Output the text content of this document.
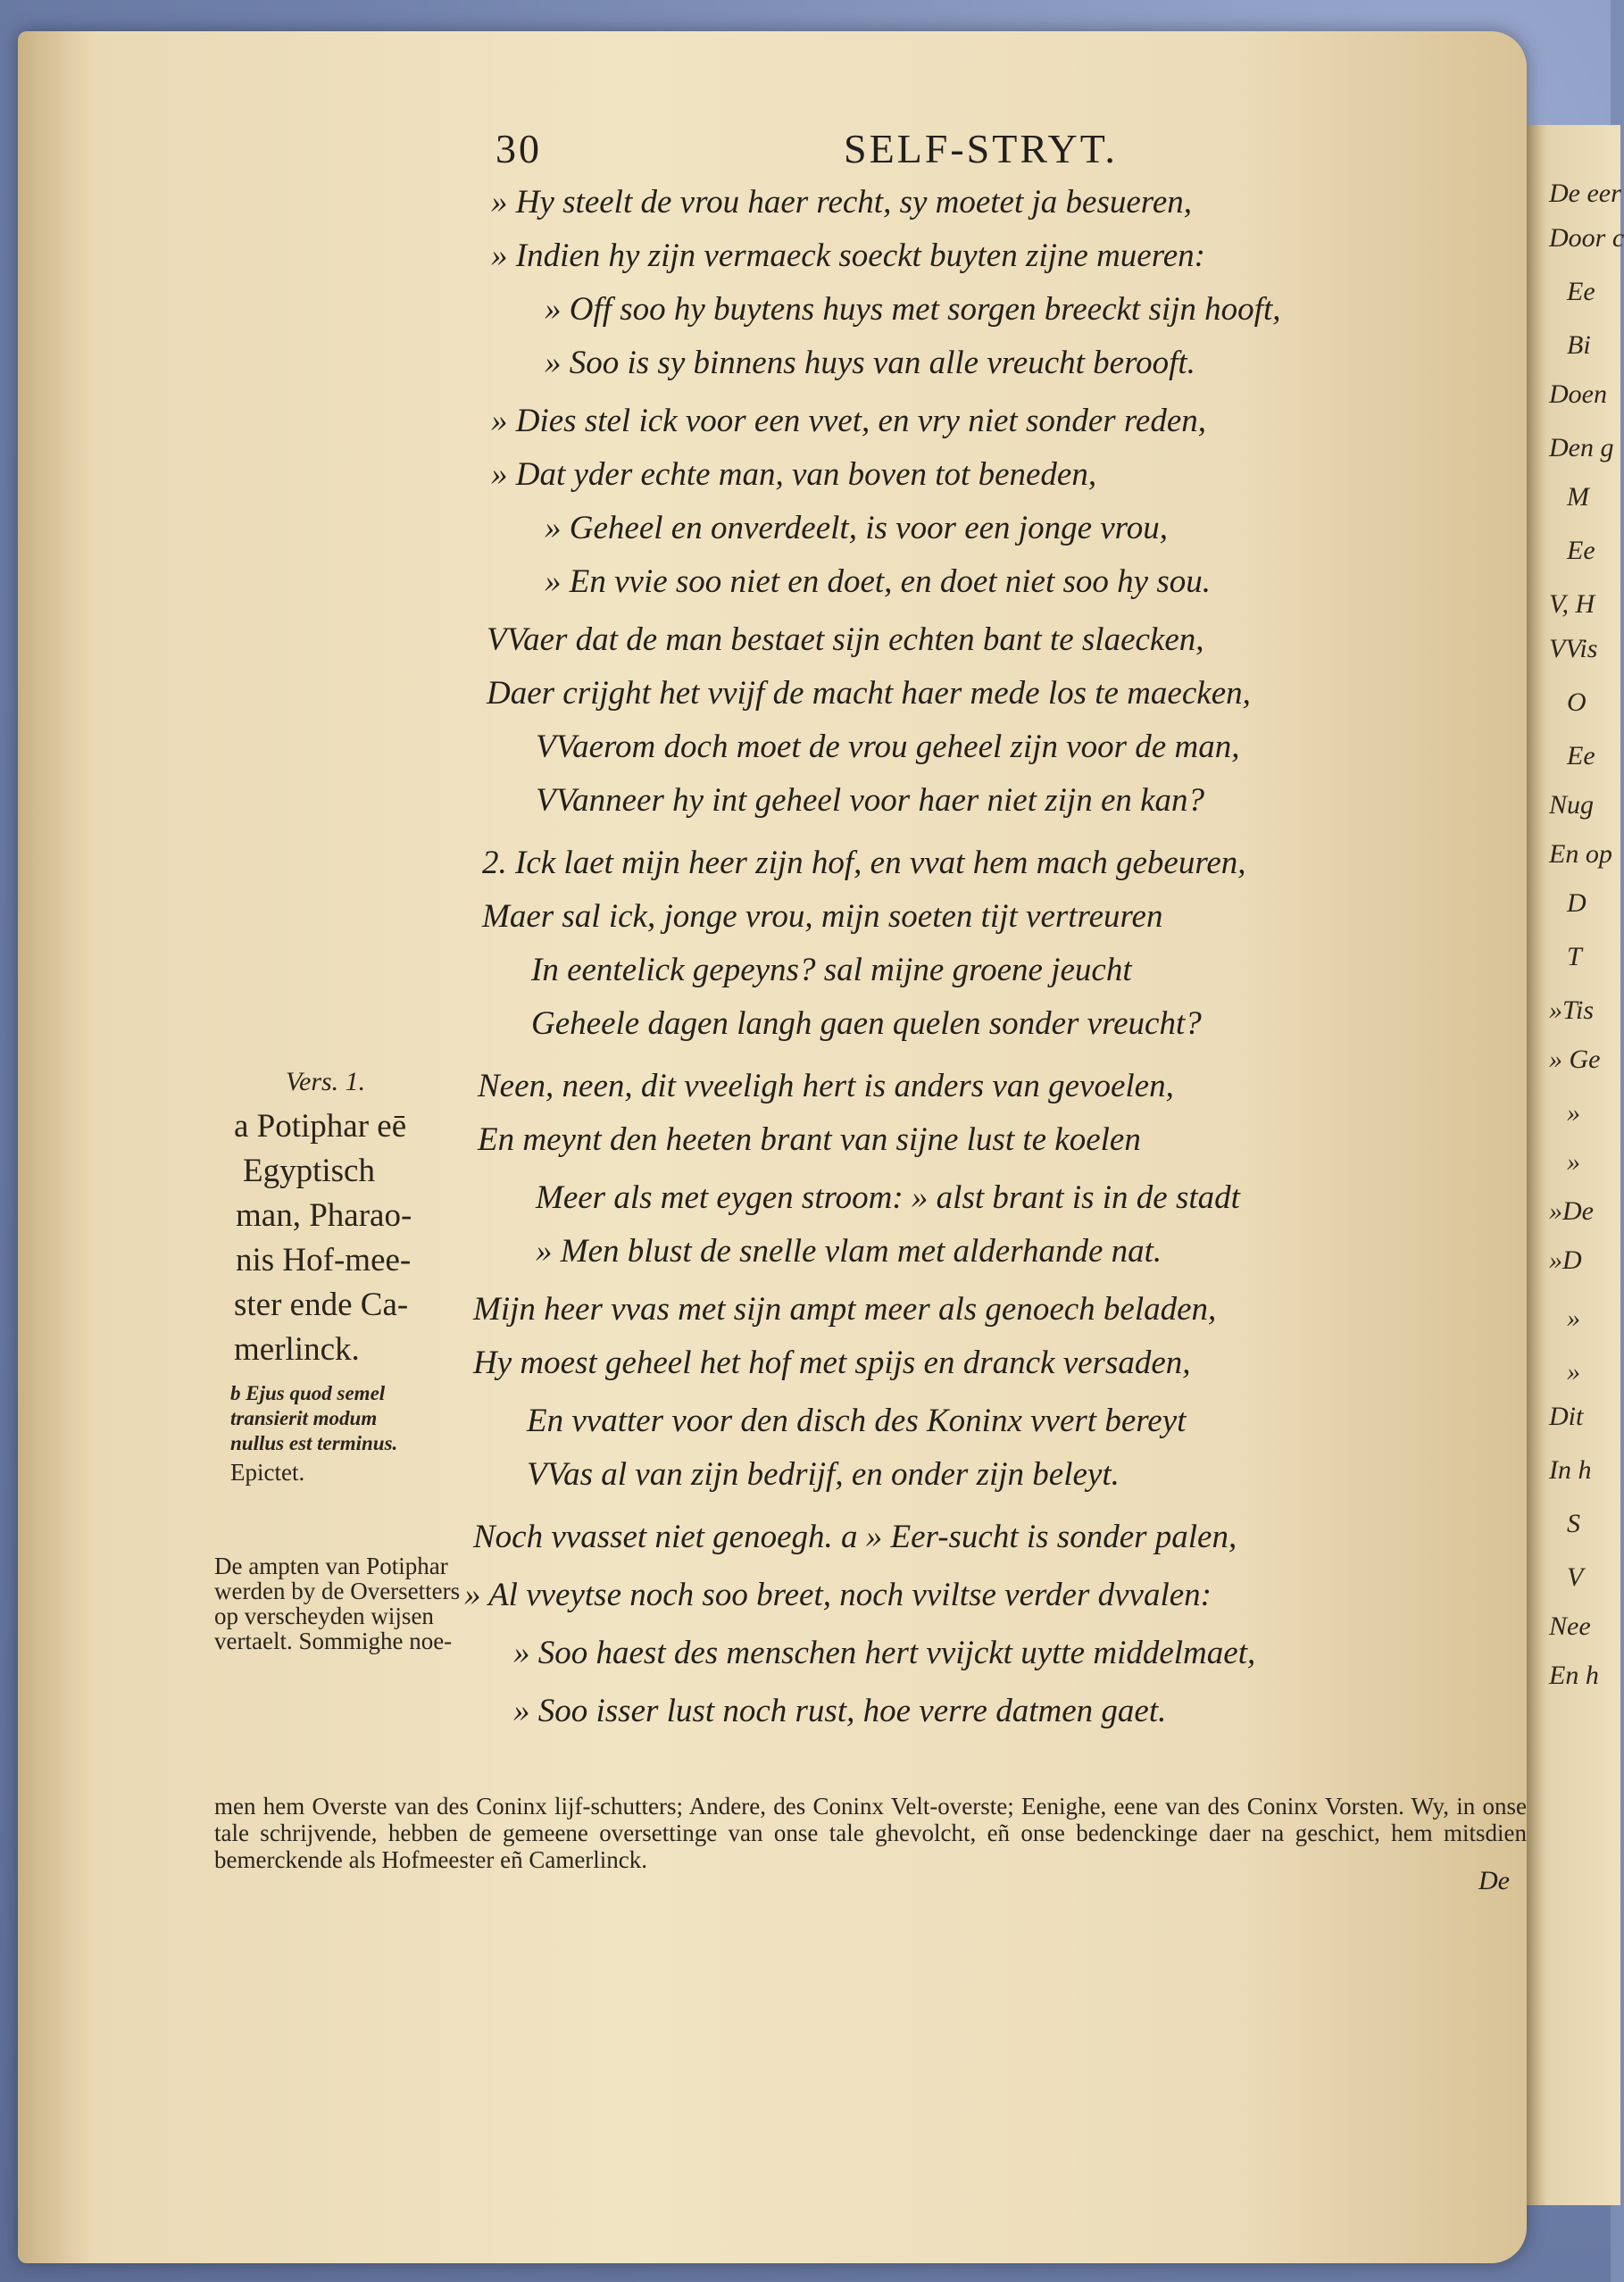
De eer
Door c
Ee
Bi
Doen
Den g
M
Ee
V, H
VVis
O
Ee
Nug
En op
D
T
»Tis
» Ge
»
»
»De
»D
»
»
Dit
In h
S
V
Nee
En h
30	SELF-STRYT.
» Hy steelt de vrou haer recht, sy moetet ja besueren,
» Indien hy zijn vermaeck soeckt buyten zijne mueren:
» Off soo hy buytens huys met sorgen breeckt sijn hooft,
» Soo is sy binnens huys van alle vreucht berooft.
» Dies stel ick voor een vvet, en vry niet sonder reden,
» Dat yder echte man, van boven tot beneden,
» Geheel en onverdeelt, is voor een jonge vrou,
» En vvie soo niet en doet, en doet niet soo hy sou.
VVaer dat de man bestaet sijn echten bant te slaecken,
Daer crijght het vvijf de macht haer mede los te maecken,
VVaerom doch moet de vrou geheel zijn voor de man,
VVanneer hy int geheel voor haer niet zijn en kan?
2. Ick laet mijn heer zijn hof, en vvat hem mach gebeuren,
Maer sal ick, jonge vrou, mijn soeten tijt vertreuren
In eentelick gepeyns? sal mijne groene jeucht
Geheele dagen langh gaen quelen sonder vreucht?
Neen, neen, dit vveeligh hert is anders van gevoelen,
En meynt den heeten brant van sijne lust te koelen
Meer als met eygen stroom: » alst brant is in de stadt
» Men blust de snelle vlam met alderhande nat.
Mijn heer vvas met sijn ampt meer als genoech beladen,
Hy moest geheel het hof met spijs en dranck versaden,
En vvatter voor den disch des Koninx vvert bereyt
VVas al van zijn bedrijf, en onder zijn beleyt.
Noch vvasset niet genoegh. a » Eer-sucht is sonder palen,
» Al vveytse noch soo breet, noch vviltse verder dvvalen:
» Soo haest des menschen hert vvijckt uytte middelmaet,
» Soo isser lust noch rust, hoe verre datmen gaet.
Vers. 1.
a Potiphar eē
Egyptisch
man, Pharao-
nis Hof-mee-
ster ende Ca-
merlinck.
b Ejus quod semel
transierit modum
nullus est terminus.
Epictet.
De ampten van Potiphar werden by de Oversetters op verscheyden wijsen vertaelt. Sommighe noe-
men hem Overste van des Coninx lijf-schutters; Andere, des Coninx Velt-overste; Eenighe, eene van des Coninx Vorsten. Wy, in onse tale schrijvende, hebben de gemeene oversettinge van onse tale ghevolcht, eñ onse bedenckinge daer na geschict, hem mitsdien bemerckende als Hofmeester eñ Camerlinck.
De
